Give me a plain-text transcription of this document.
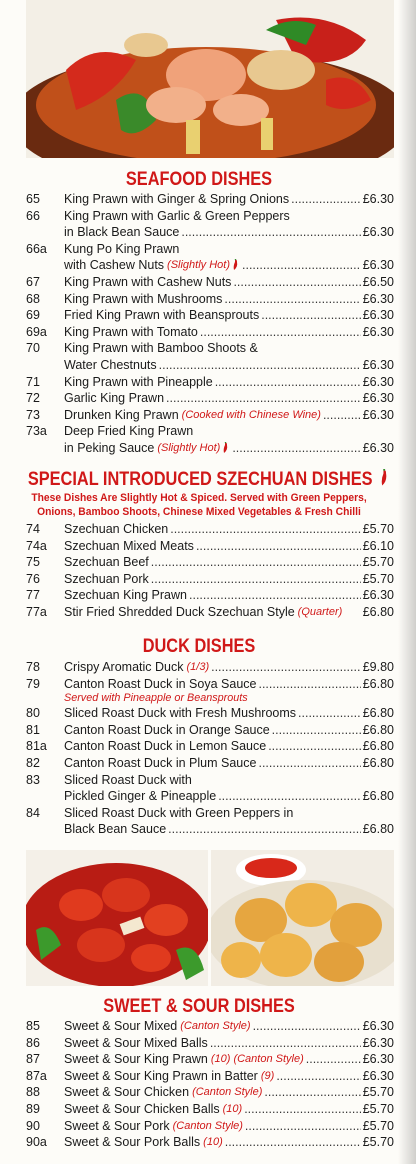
SEAFOOD DISHES
65	King Prawn with Ginger & Spring Onions .....	£6.30
66	King Prawn with Garlic & Green Peppers
in Black Bean Sauce .....	£6.30
66a	Kung Po King Prawn
with Cashew Nuts (Slightly Hot) .....	£6.30
67	King Prawn with Cashew Nuts .....	£6.50
68	King Prawn with Mushrooms .....	£6.30
69	Fried King Prawn with Beansprouts .....	£6.30
69a	King Prawn with Tomato .....	£6.30
70	King Prawn with Bamboo Shoots &
Water Chestnuts .....	£6.30
71	King Prawn with Pineapple .....	£6.30
72	Garlic King Prawn .....	£6.30
73	Drunken King Prawn (Cooked with Chinese Wine) .....	£6.30
73a	Deep Fried King Prawn
in Peking Sauce (Slightly Hot) .....	£6.30
SPECIAL INTRODUCED SZECHUAN DISHES
These Dishes Are Slightly Hot & Spiced. Served with Green Peppers,
Onions, Bamboo Shoots, Chinese Mixed Vegetables & Fresh Chilli
74	Szechuan Chicken .....	£5.70
74a	Szechuan Mixed Meats .....	£6.10
75	Szechuan Beef .....	£5.70
76	Szechuan Pork .....	£5.70
77	Szechuan King Prawn .....	£6.30
77a	Stir Fried Shredded Duck Szechuan Style (Quarter) £6.80
DUCK DISHES
78	Crispy Aromatic Duck (1/3) .....	£9.80
79	Canton Roast Duck in Soya Sauce .....	£6.80
Served with Pineapple or Beansprouts
80	Sliced Roast Duck with Fresh Mushrooms .....	£6.80
81	Canton Roast Duck in Orange Sauce .....	£6.80
81a	Canton Roast Duck in Lemon Sauce .....	£6.80
82	Canton Roast Duck in Plum Sauce .....	£6.80
83	Sliced Roast Duck with
Pickled Ginger & Pineapple .....	£6.80
84	Sliced Roast Duck with Green Peppers in
Black Bean Sauce .....	£6.80
SWEET & SOUR DISHES
85	Sweet & Sour Mixed (Canton Style) .....	£6.30
86	Sweet & Sour Mixed Balls .....	£6.30
87	Sweet & Sour King Prawn (10) (Canton Style) .....	£6.30
87a	Sweet & Sour King Prawn in Batter (9) .....	£6.30
88	Sweet & Sour Chicken (Canton Style) .....	£5.70
89	Sweet & Sour Chicken Balls (10) .....	£5.70
90	Sweet & Sour Pork (Canton Style) .....	£5.70
90a	Sweet & Sour Pork Balls (10) .....	£5.70
